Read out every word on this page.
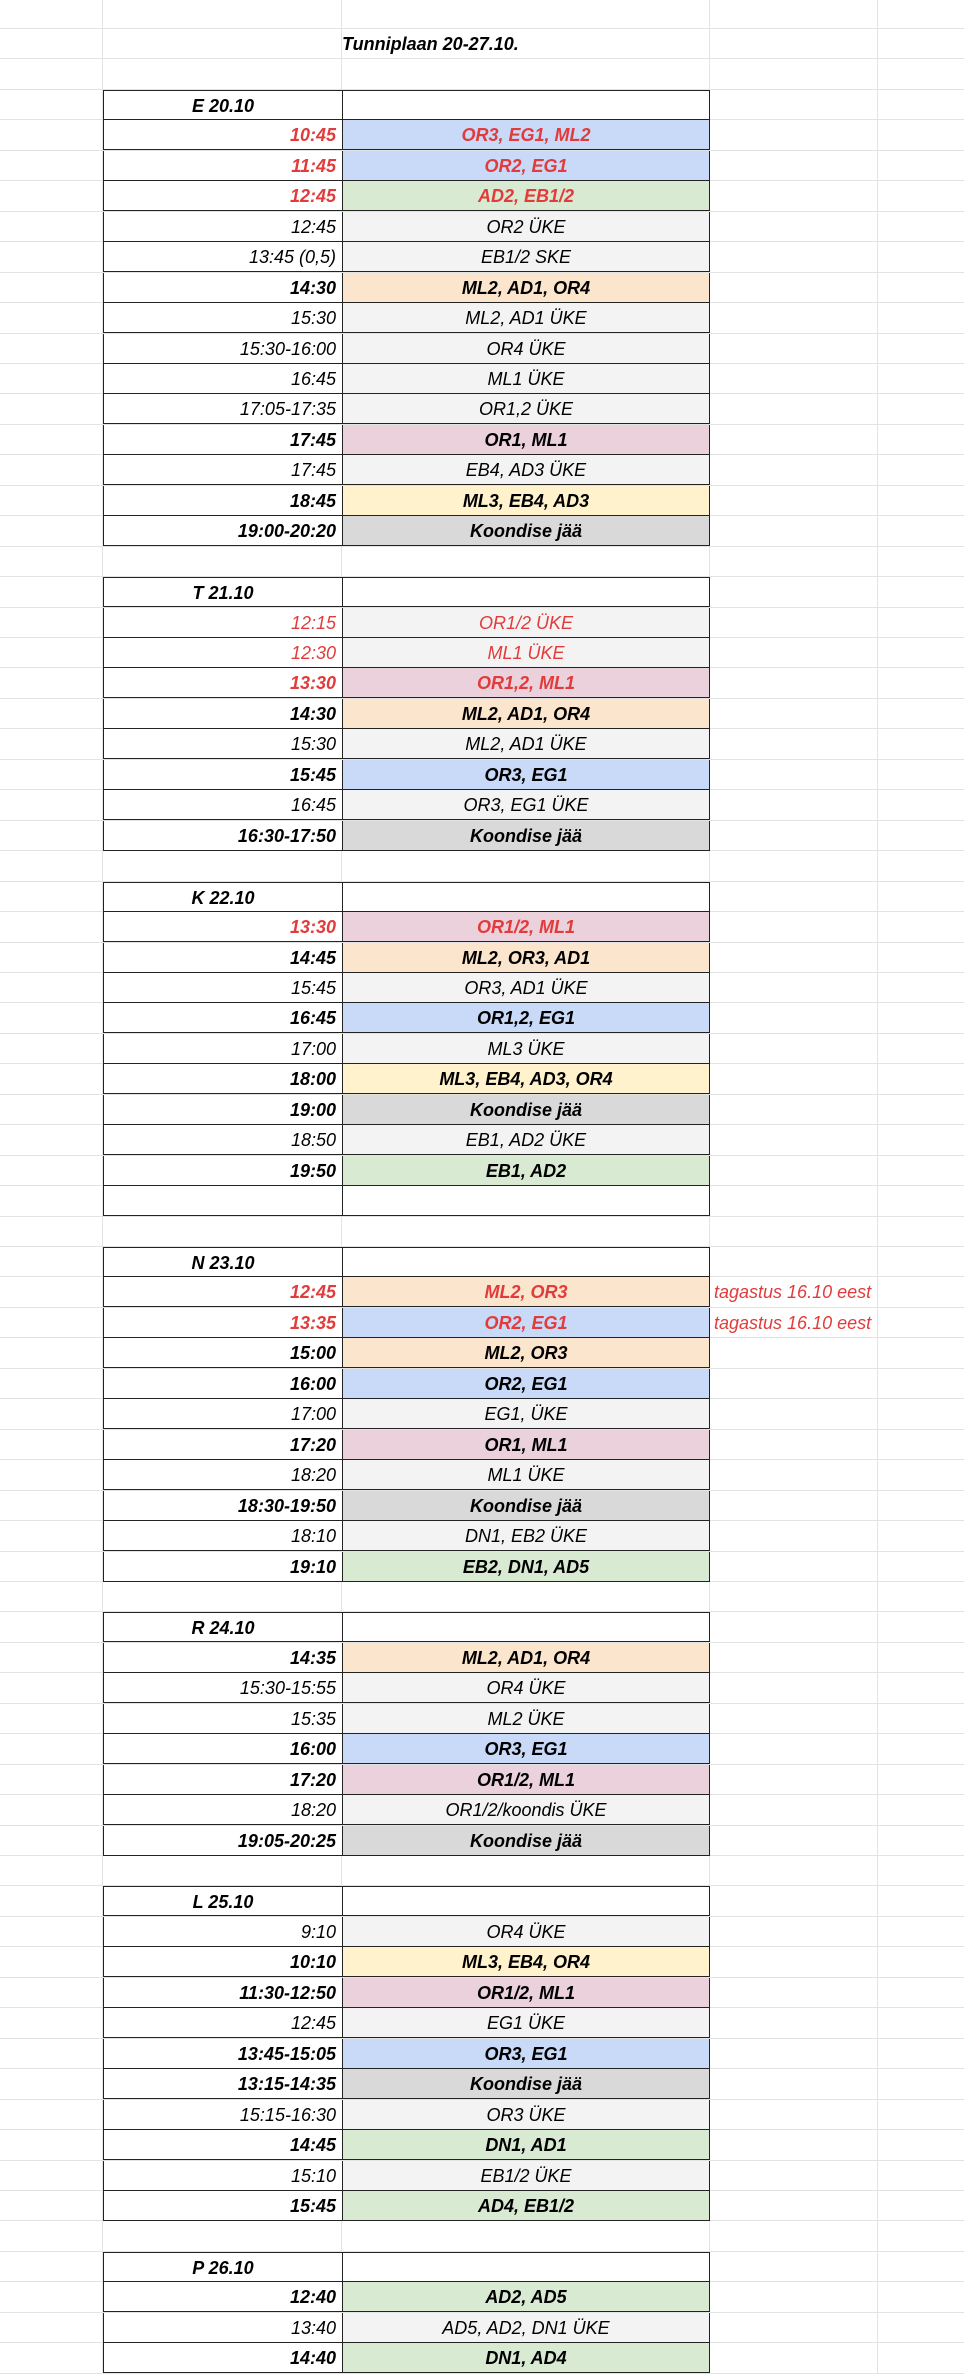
Tunniplaan 20-27.10.
E 20.10
10:45	OR3, EG1, ML2
11:45	OR2, EG1
12:45	AD2, EB1/2
12:45	OR2 ÜKE
13:45 (0,5)	EB1/2 SKE
14:30	ML2, AD1, OR4
15:30	ML2, AD1 ÜKE
15:30-16:00	OR4 ÜKE
16:45	ML1 ÜKE
17:05-17:35	OR1,2 ÜKE
17:45	OR1, ML1
17:45	EB4, AD3 ÜKE
18:45	ML3, EB4, AD3
19:00-20:20	Koondise jää
T 21.10
12:15	OR1/2 ÜKE
12:30	ML1 ÜKE
13:30	OR1,2, ML1
14:30	ML2, AD1, OR4
15:30	ML2, AD1 ÜKE
15:45	OR3, EG1
16:45	OR3, EG1 ÜKE
16:30-17:50	Koondise jää
K 22.10
13:30	OR1/2, ML1
14:45	ML2, OR3, AD1
15:45	OR3, AD1 ÜKE
16:45	OR1,2, EG1
17:00	ML3 ÜKE
18:00	ML3, EB4, AD3, OR4
19:00	Koondise jää
18:50	EB1, AD2 ÜKE
19:50	EB1, AD2
N 23.10
12:45	ML2, OR3	tagastus 16.10 eest
13:35	OR2, EG1	tagastus 16.10 eest
15:00	ML2, OR3
16:00	OR2, EG1
17:00	EG1, ÜKE
17:20	OR1, ML1
18:20	ML1 ÜKE
18:30-19:50	Koondise jää
18:10	DN1, EB2 ÜKE
19:10	EB2, DN1, AD5
R 24.10
14:35	ML2, AD1, OR4
15:30-15:55	OR4 ÜKE
15:35	ML2 ÜKE
16:00	OR3, EG1
17:20	OR1/2, ML1
18:20	OR1/2/koondis ÜKE
19:05-20:25	Koondise jää
L 25.10
9:10	OR4 ÜKE
10:10	ML3, EB4, OR4
11:30-12:50	OR1/2, ML1
12:45	EG1 ÜKE
13:45-15:05	OR3, EG1
13:15-14:35	Koondise jää
15:15-16:30	OR3 ÜKE
14:45	DN1, AD1
15:10	EB1/2 ÜKE
15:45	AD4, EB1/2
P 26.10
12:40	AD2, AD5
13:40	AD5, AD2, DN1 ÜKE
14:40	DN1, AD4
